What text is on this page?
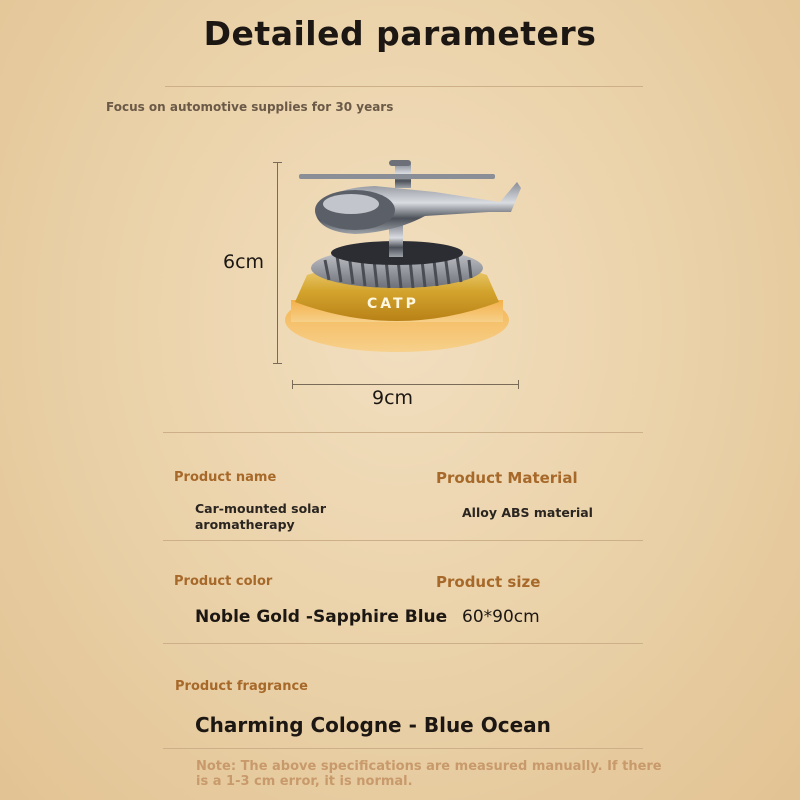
Detailed parameters
Focus on automotive supplies for 30 years
CATP
6cm
9cm
Product name	Product Material
Car-mounted solar
aromatherapy
Alloy ABS material
Product color	Product size
Noble Gold -Sapphire Blue 60*90cm
Product fragrance
Charming Cologne - Blue Ocean
Note: The above specifications are measured manually. If there is a 1-3 cm error, it is normal.
